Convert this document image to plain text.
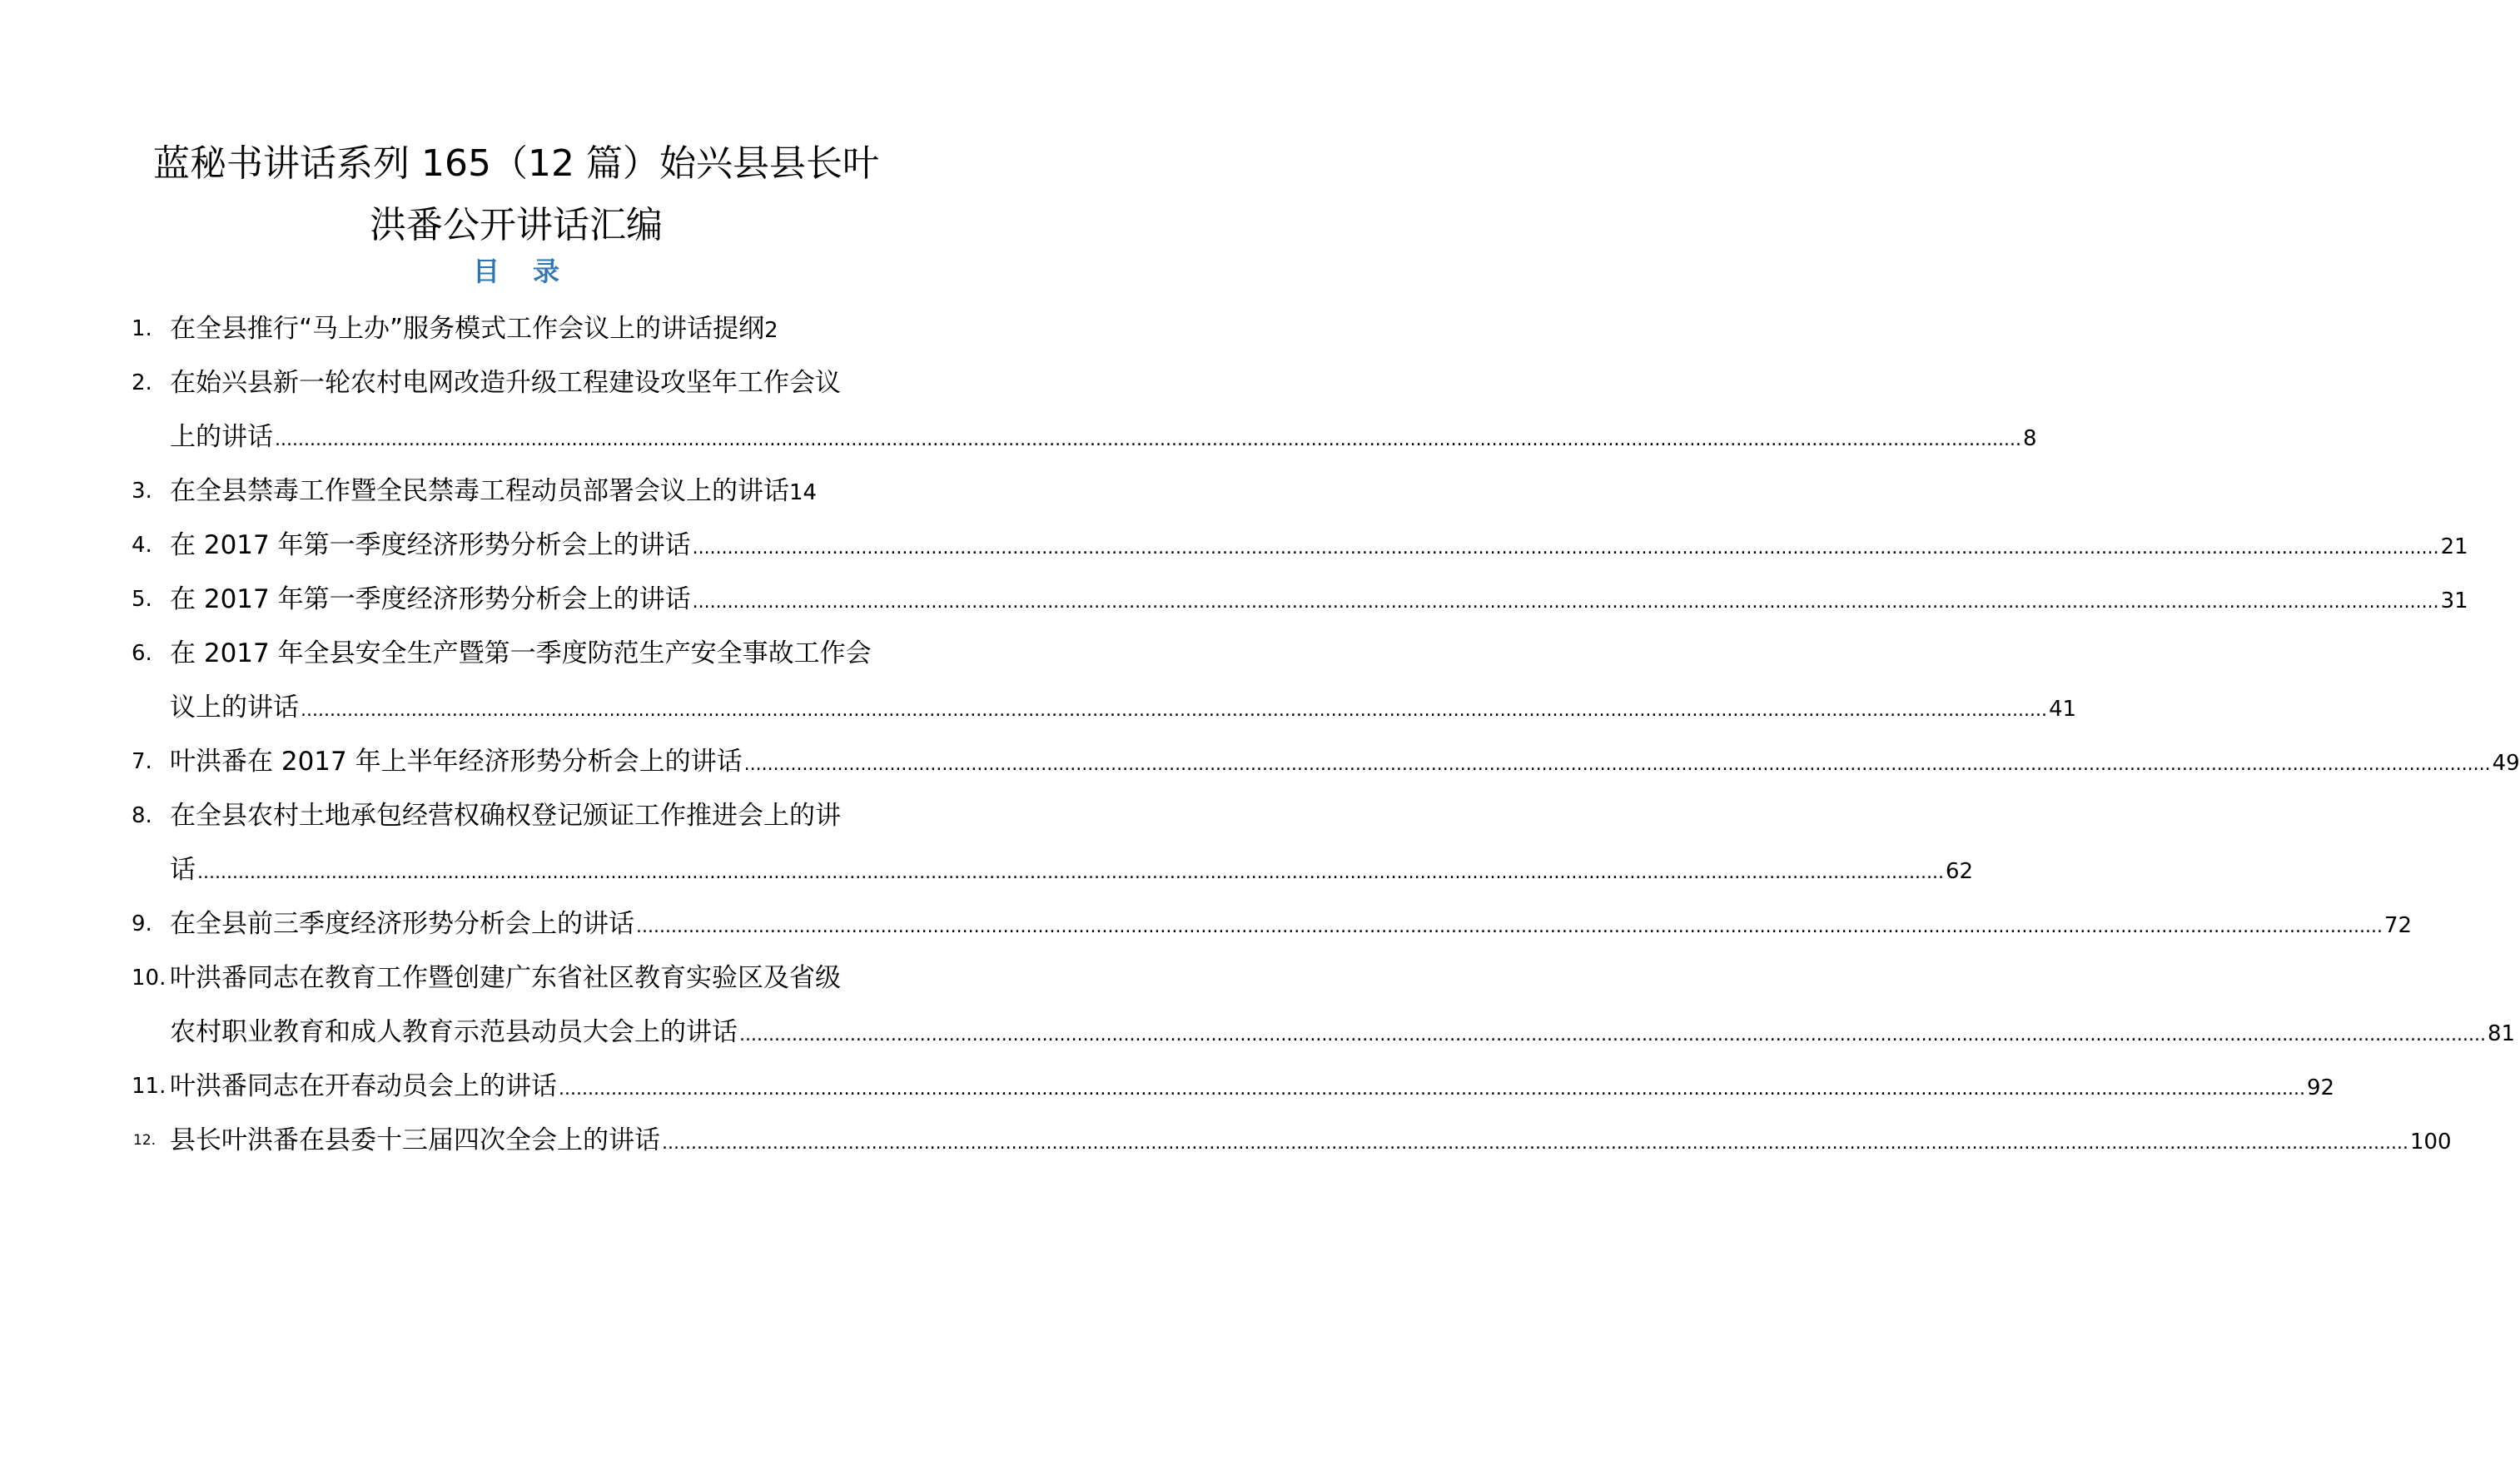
蓝秘书讲话系列 165（12 篇）始兴县县长叶
洪番公开讲话汇编
目 录
1. 在全县推行“马上办”服务模式工作会议上的讲话提纲 2
2. 在始兴县新一轮农村电网改造升级工程建设攻坚年工作会议
上的讲话 ............................................................................................................................................................................................................................................................................................................ 8
3. 在全县禁毒工作暨全民禁毒工程动员部署会议上的讲话 14
4. 在 2017 年第一季度经济形势分析会上的讲话 ............................................................................................................................................................................................................................................................................................................ 21
5. 在 2017 年第一季度经济形势分析会上的讲话 ............................................................................................................................................................................................................................................................................................................ 31
6. 在 2017 年全县安全生产暨第一季度防范生产安全事故工作会
议上的讲话 ............................................................................................................................................................................................................................................................................................................ 41
7. 叶洪番在 2017 年上半年经济形势分析会上的讲话 ............................................................................................................................................................................................................................................................................................................ 49
8. 在全县农村土地承包经营权确权登记颁证工作推进会上的讲
话 ............................................................................................................................................................................................................................................................................................................ 62
9. 在全县前三季度经济形势分析会上的讲话 ............................................................................................................................................................................................................................................................................................................ 72
10. 叶洪番同志在教育工作暨创建广东省社区教育实验区及省级
农村职业教育和成人教育示范县动员大会上的讲话 ............................................................................................................................................................................................................................................................................................................ 81
11. 叶洪番同志在开春动员会上的讲话 ............................................................................................................................................................................................................................................................................................................ 92
12. 县长叶洪番在县委十三届四次全会上的讲话 ............................................................................................................................................................................................................................................................................................................ 100
